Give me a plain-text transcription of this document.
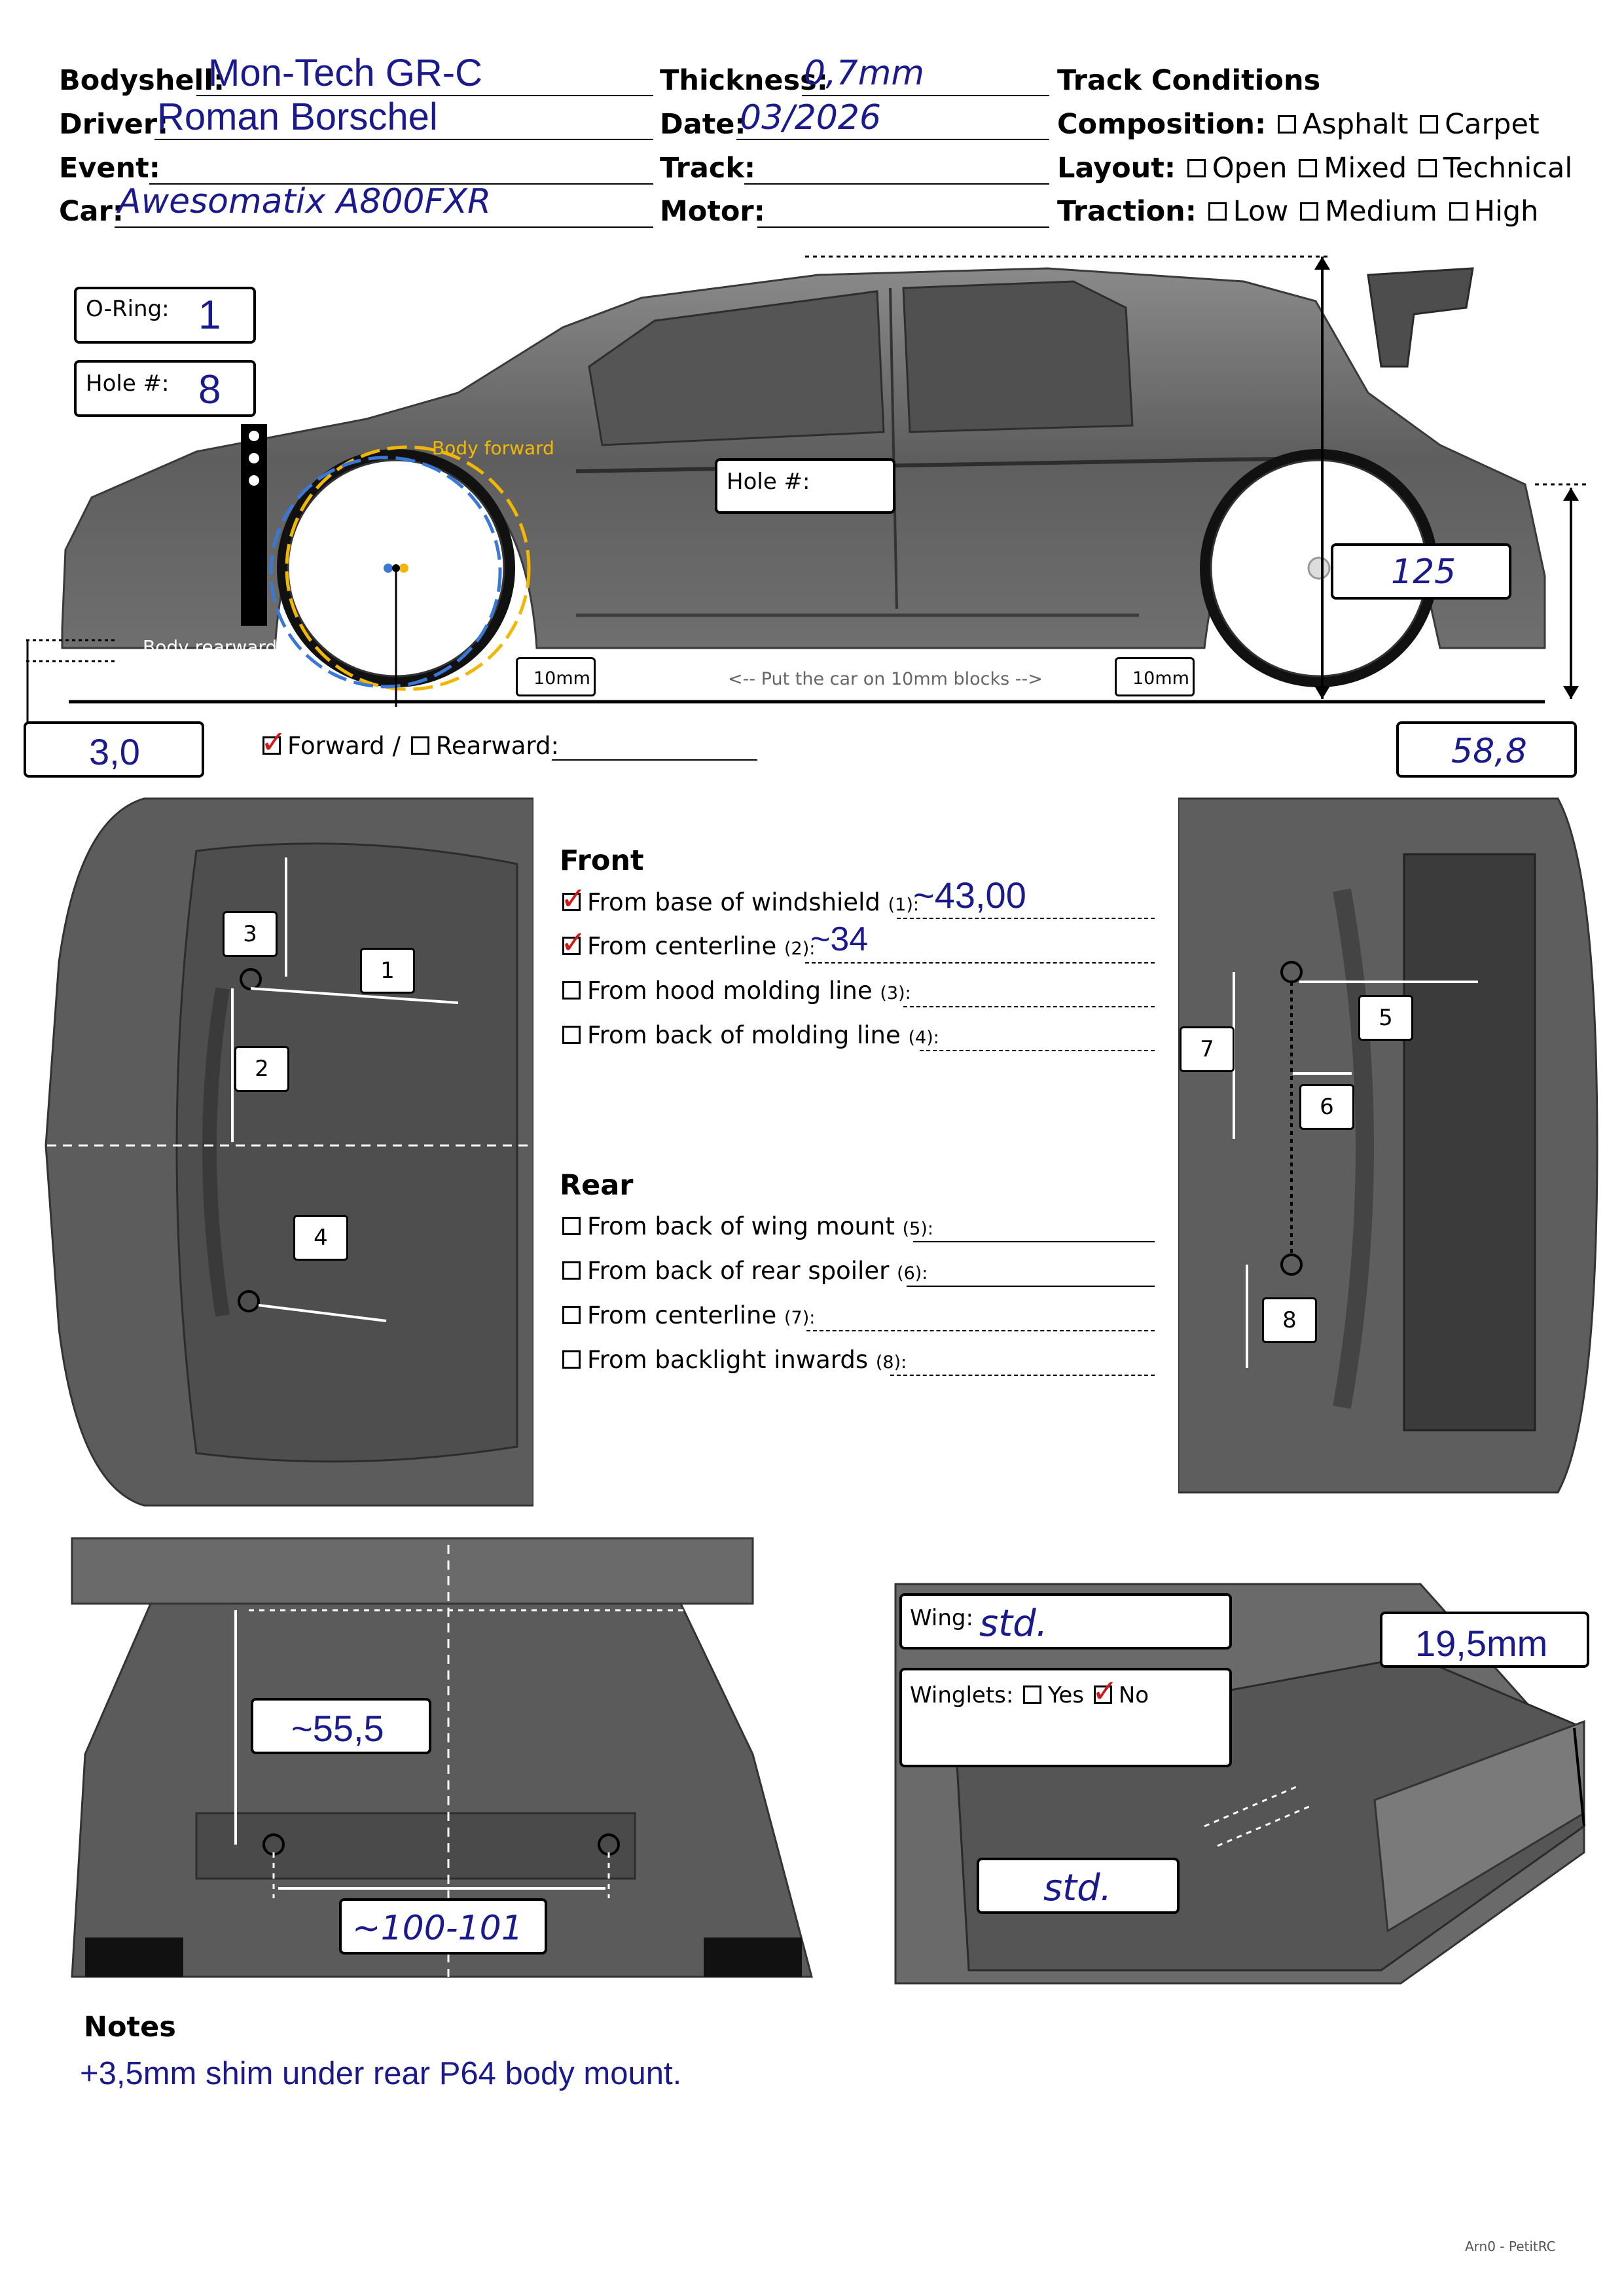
Bodyshell:
Mon-Tech GR-C
Driver:
Roman Borschel
Event:
Car:
Awesomatix A800FXR
Thickness:
0,7mm
Date:
03/2026
Track:
Motor:
Track Conditions
Composition: Asphalt Carpet
Layout: Open Mixed Technical
Traction: Low Medium High
O-Ring: 1
Hole #: 8
Body forward
Body rearward
Hole #:
125
10mm	<-- Put the car on 10mm blocks -->	10mm
3,0	✓ Forward / Rearward:	58,8
1
2
3
4
5
6
7
8
Front
✓ From base of windshield (1):
~43,00
✓ From centerline (2):
~34
From hood molding line (3):
From back of molding line (4):
Rear
From back of wing mount (5):
From back of rear spoiler (6):
From centerline (7):
From backlight inwards (8):
~55,5
~100-101
Wing: std.
Winglets: Yes ✓ No
std.
19,5mm
Notes
+3,5mm shim under rear P64 body mount.
Arn0 - PetitRC
